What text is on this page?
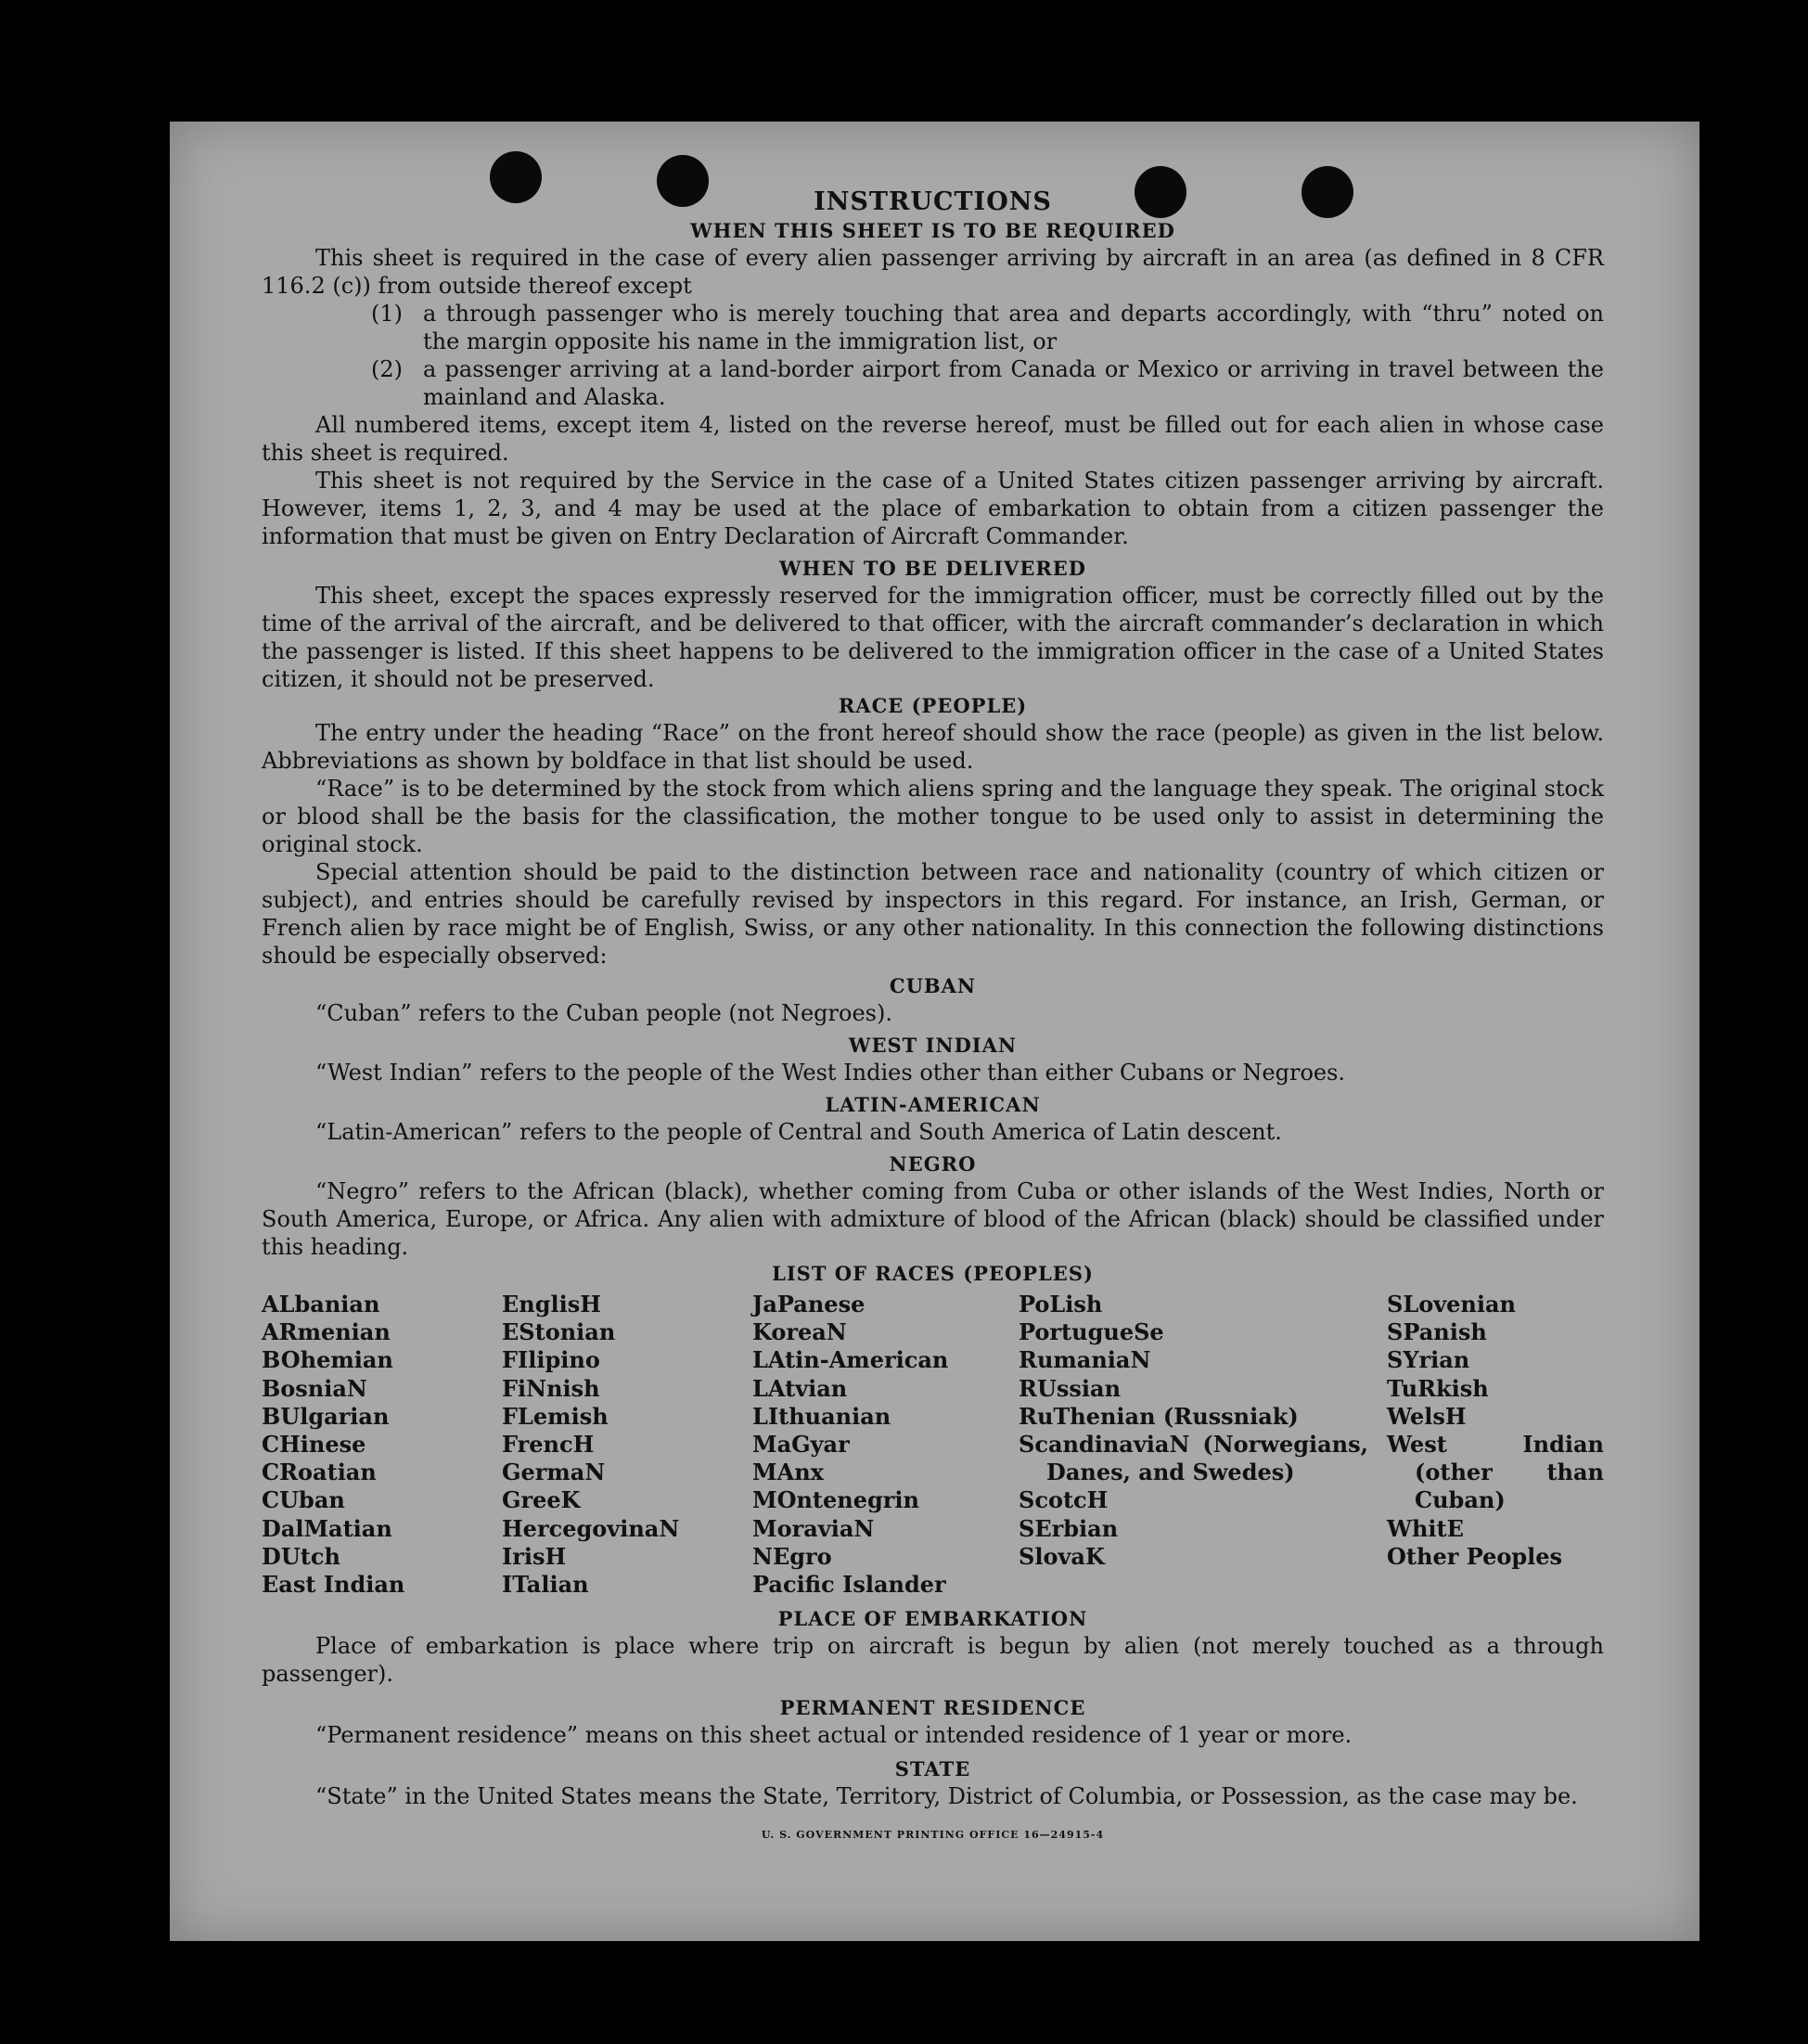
INSTRUCTIONS
WHEN THIS SHEET IS TO BE REQUIRED

This sheet is required in the case of every alien passenger arriving by aircraft in an area (as defined in 8 CFR 116.2 (c)) from outside thereof except

(1) a through passenger who is merely touching that area and departs accordingly, with “thru” noted on the margin opposite his name in the immigration list, or
(2) a passenger arriving at a land-border airport from Canada or Mexico or arriving in travel between the mainland and Alaska.

All numbered items, except item 4, listed on the reverse hereof, must be filled out for each alien in whose case this sheet is required.

This sheet is not required by the Service in the case of a United States citizen passenger arriving by aircraft. However, items 1, 2, 3, and 4 may be used at the place of embarkation to obtain from a citizen passenger the information that must be given on Entry Declaration of Aircraft Commander.

WHEN TO BE DELIVERED

This sheet, except the spaces expressly reserved for the immigration officer, must be correctly filled out by the time of the arrival of the aircraft, and be delivered to that officer, with the aircraft commander’s declaration in which the passenger is listed. If this sheet happens to be delivered to the immigration officer in the case of a United States citizen, it should not be preserved.

RACE (PEOPLE)

The entry under the heading “Race” on the front hereof should show the race (people) as given in the list below. Abbreviations as shown by boldface in that list should be used.

“Race” is to be determined by the stock from which aliens spring and the language they speak. The original stock or blood shall be the basis for the classification, the mother tongue to be used only to assist in determining the original stock.

Special attention should be paid to the distinction between race and nationality (country of which citizen or subject), and entries should be carefully revised by inspectors in this regard. For instance, an Irish, German, or French alien by race might be of English, Swiss, or any other nationality. In this connection the following distinctions should be especially observed:

CUBAN

“Cuban” refers to the Cuban people (not Negroes).

WEST INDIAN

“West Indian” refers to the people of the West Indies other than either Cubans or Negroes.

LATIN-AMERICAN

“Latin-American” refers to the people of Central and South America of Latin descent.

NEGRO

“Negro” refers to the African (black), whether coming from Cuba or other islands of the West Indies, North or South America, Europe, or Africa. Any alien with admixture of blood of the African (black) should be classified under this heading.

LIST OF RACES (PEOPLES)
ALbanian
ARmenian
BOhemian
BosniaN
BUlgarian
CHinese
CRoatian
CUban
DalMatian
DUtch
East Indian
EnglisH
EStonian
FIlipino
FiNnish
FLemish
FrencH
GermaN
GreeK
HercegovinaN
IrisH
ITalian
JaPanese
KoreaN
LAtin-American
LAtvian
LIthuanian
MaGyar
MAnx
MOntenegrin
MoraviaN
NEgro
Pacific Islander
PoLish
PortugueSe
RumaniaN
RUssian
RuThenian (Russniak)
ScandinaviaN (Norwegians, Danes, and Swedes)
ScotcH
SErbian
SlovaK
SLovenian
SPanish
SYrian
TuRkish
WelsH
West Indian (other than Cuban)
WhitE
Other Peoples
PLACE OF EMBARKATION

Place of embarkation is place where trip on aircraft is begun by alien (not merely touched as a through passenger).

PERMANENT RESIDENCE

“Permanent residence” means on this sheet actual or intended residence of 1 year or more.

STATE

“State” in the United States means the State, Territory, District of Columbia, or Possession, as the case may be.

U. S. GOVERNMENT PRINTING OFFICE 16—24915-4
